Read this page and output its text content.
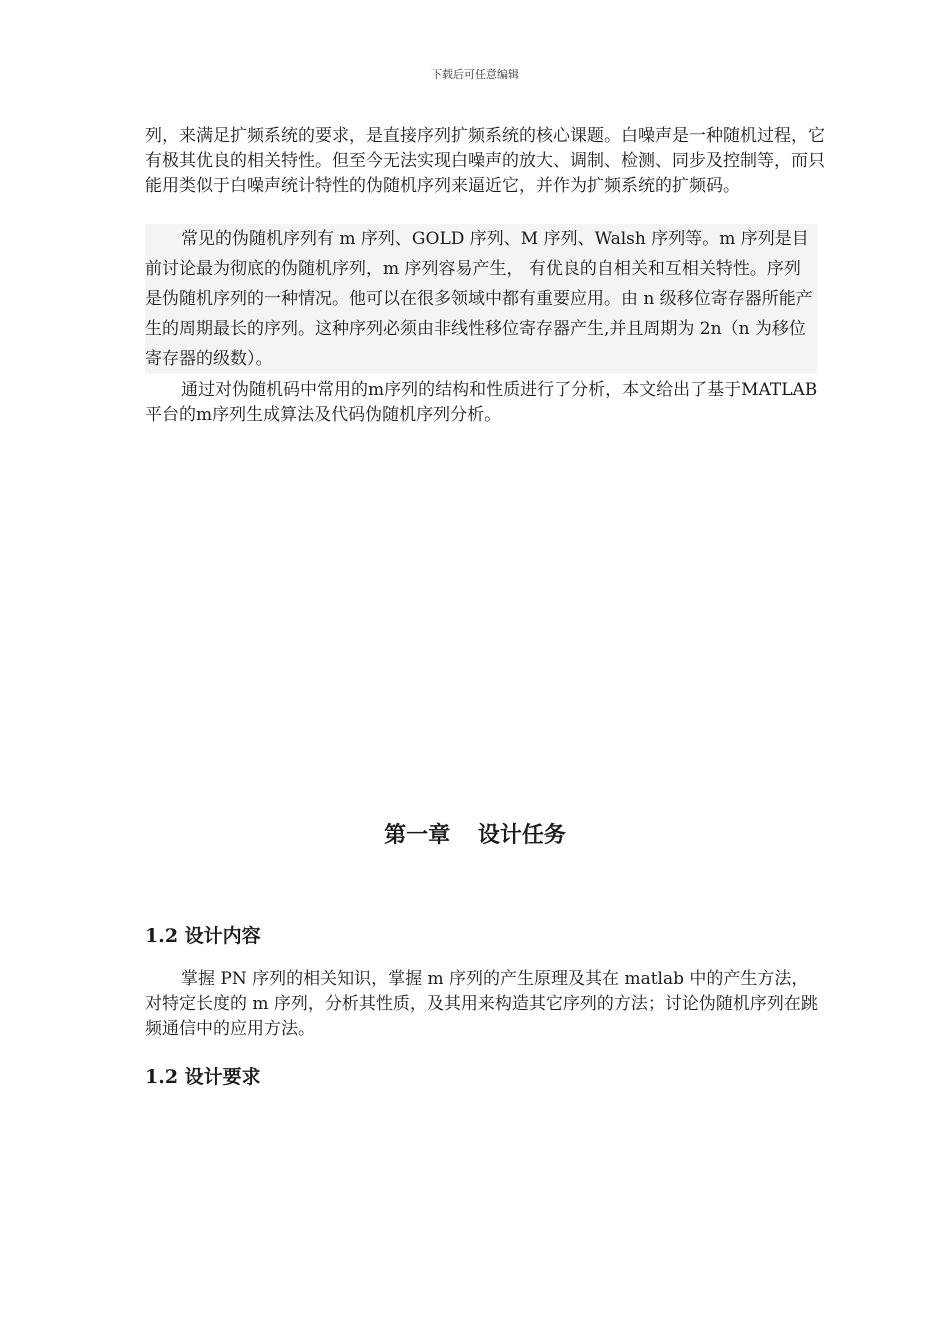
下载后可任意编辑

列，来满足扩频系统的要求，是直接序列扩频系统的核心课题。白噪声是一种随机过程，它有极其优良的相关特性。但至今无法实现白噪声的放大、调制、检测、同步及控制等，而只能用类似于白噪声统计特性的伪随机序列来逼近它，并作为扩频系统的扩频码。

常见的伪随机序列有 m 序列、GOLD 序列、M 序列、Walsh 序列等。m 序列是目前讨论最为彻底的伪随机序列，m 序列容易产生， 有优良的自相关和互相关特性。序列是伪随机序列的一种情况。他可以在很多领域中都有重要应用。由 n 级移位寄存器所能产生的周期最长的序列。这种序列必须由非线性移位寄存器产生,并且周期为 2n（n 为移位寄存器的级数）。

通过对伪随机码中常用的m序列的结构和性质进行了分析，本文给出了基于MATLAB平台的m序列生成算法及代码伪随机序列分析。

第一章 设计任务
1.2 设计内容

掌握 PN 序列的相关知识，掌握 m 序列的产生原理及其在 matlab 中的产生方法，对特定长度的 m 序列，分析其性质，及其用来构造其它序列的方法；讨论伪随机序列在跳频通信中的应用方法。

1.2 设计要求
